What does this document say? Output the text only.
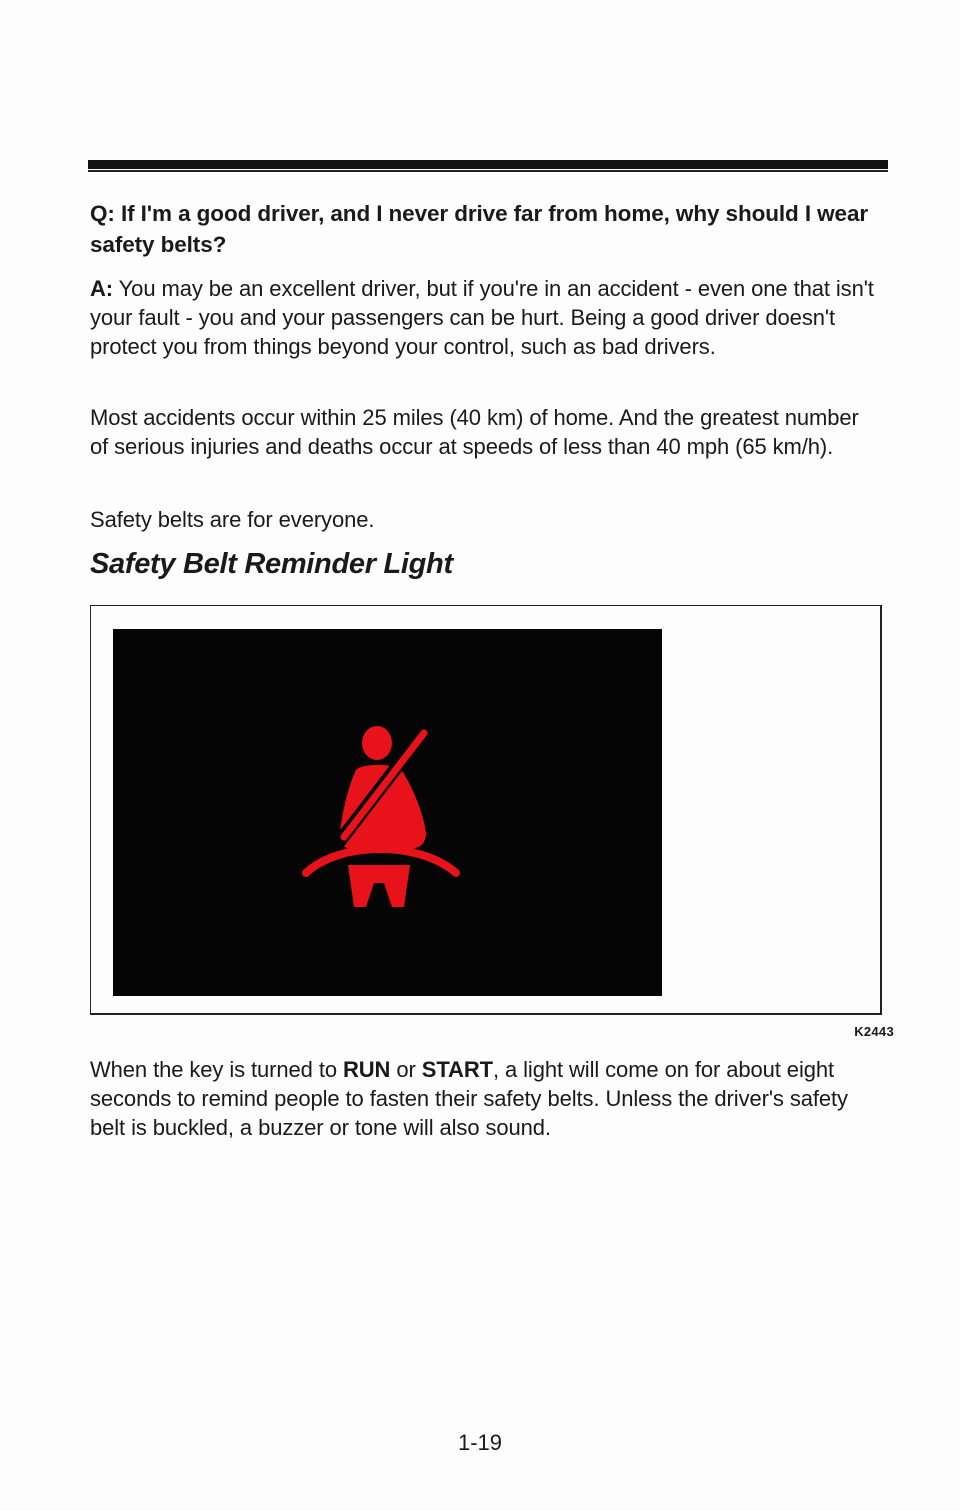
Q: If I'm a good driver, and I never drive far from home, why should I wear safety belts?
A: You may be an excellent driver, but if you're in an accident - even one that isn't your fault - you and your passengers can be hurt. Being a good driver doesn't protect you from things beyond your control, such as bad drivers.
Most accidents occur within 25 miles (40 km) of home. And the greatest number of serious injuries and deaths occur at speeds of less than 40 mph (65 km/h).
Safety belts are for everyone.
Safety Belt Reminder Light
K2443
When the key is turned to RUN or START, a light will come on for about eight seconds to remind people to fasten their safety belts. Unless the driver's safety belt is buckled, a buzzer or tone will also sound.
1-19
